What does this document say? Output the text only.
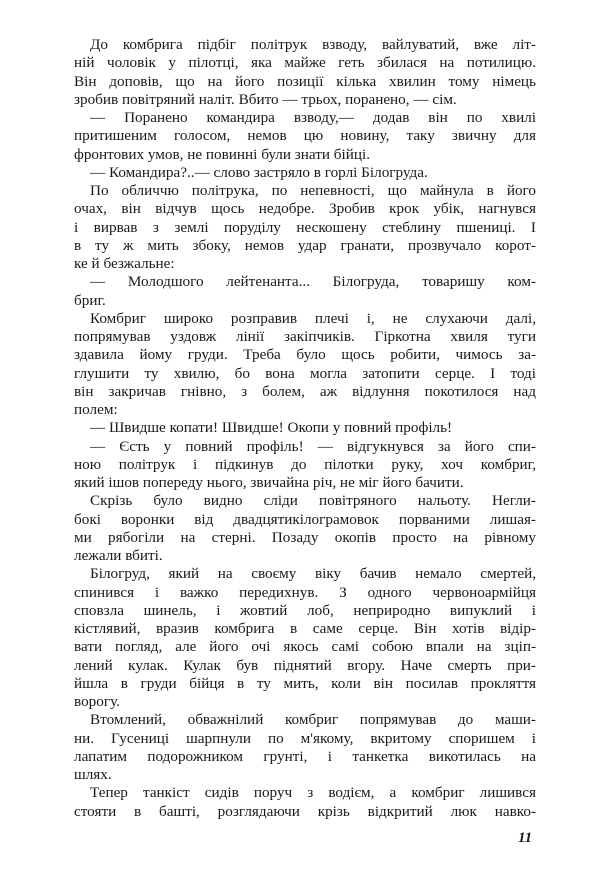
До комбрига підбіг політрук взводу, вайлуватий, вже літ-
ній чоловік у пілотці, яка майже геть збилася на потилицю.
Він доповів, що на його позиції кілька хвилин тому німець
зробив повітряний наліт. Вбито — трьох, поранено, — сім.
— Поранено командира взводу,— додав він по хвилі
притишеним голосом, немов цю новину, таку звичну для
фронтових умов, не повинні були знати бійці.
— Командира?..— слово застряло в горлі Білогруда.
По обличчю політрука, по непевності, що майнула в його
очах, він відчув щось недобре. Зробив крок убік, нагнувся
і вирвав з землі поруділу нескошену стеблину пшениці. І
в ту ж мить збоку, немов удар гранати, прозвучало корот-
ке й безжальне:
— Молодшого лейтенанта... Білогруда, товаришу ком-
бриг.
Комбриг широко розправив плечі і, не слухаючи далі,
попрямував уздовж лінії закіпчиків. Гіркотна хвиля туги
здавила йому груди. Треба було щось робити, чимось за-
глушити ту хвилю, бо вона могла затопити серце. І тоді
він закричав гнівно, з болем, аж відлуння покотилося над
полем:
— Швидше копати! Швидше! Окопи у повний профіль!
— Єсть у повний профіль! — відгукнувся за його спи-
ною політрук і підкинув до пілотки руку, хоч комбриг,
який ішов попереду нього, звичайна річ, не міг його бачити.
Скрізь було видно сліди повітряного нальоту. Негли-
бокі воронки від двадцятикілограмовок порваними лишая-
ми рябогіли на стерні. Позаду окопів просто на рівному
лежали вбиті.
Білогруд, який на своєму віку бачив немало смертей,
спинився і важко передихнув. З одного червоноармійця
сповзла шинель, і жовтий лоб, неприродно випуклий і
кістлявий, вразив комбрига в саме серце. Він хотів відір-
вати погляд, але його очі якось самі собою впали на зціп-
лений кулак. Кулак був піднятий вгору. Наче смерть при-
йшла в груди бійця в ту мить, коли він посилав прокляття
ворогу.
Втомлений, обважнілий комбриг попрямував до маши-
ни. Гусениці шарпнули по м'якому, вкритому споришем і
лапатим подорожником грунті, і танкетка викотилась на
шлях.
Тепер танкіст сидів поруч з водієм, а комбриг лишився
стояти в башті, розглядаючи крізь відкритий люк навко-
11
